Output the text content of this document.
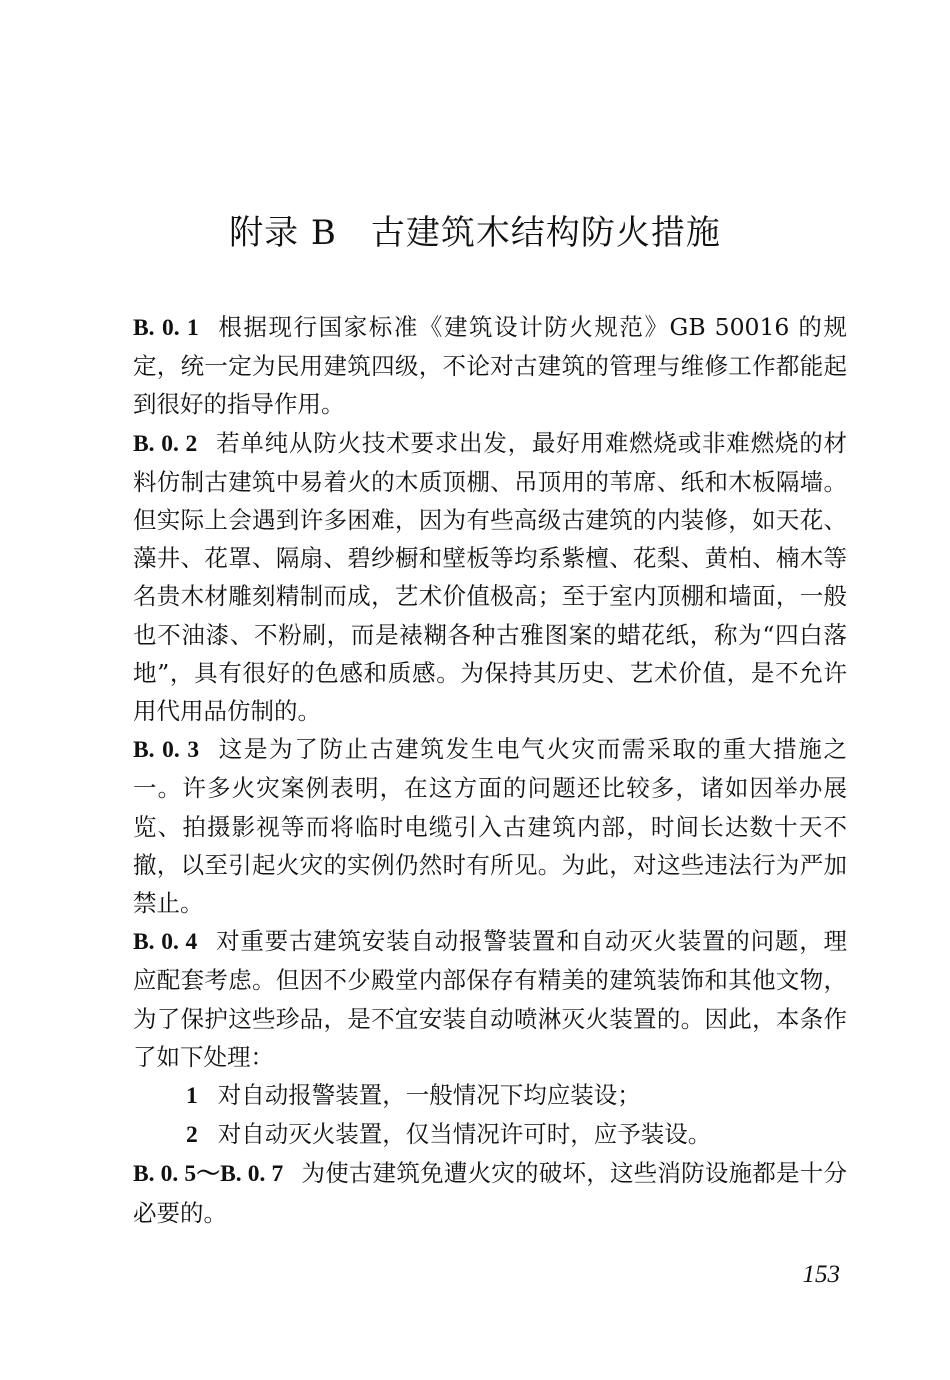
附录 B 古建筑木结构防火措施

B. 0. 1 根据现行国家标准《建筑设计防火规范》GB 50016 的规定，统一定为民用建筑四级，不论对古建筑的管理与维修工作都能起到很好的指导作用。

B. 0. 2 若单纯从防火技术要求出发，最好用难燃烧或非难燃烧的材料仿制古建筑中易着火的木质顶棚、吊顶用的苇席、纸和木板隔墙。但实际上会遇到许多困难，因为有些高级古建筑的内装修，如天花、藻井、花罩、隔扇、碧纱橱和壁板等均系紫檀、花梨、黄柏、楠木等名贵木材雕刻精制而成，艺术价值极高；至于室内顶棚和墙面，一般也不油漆、不粉刷，而是裱糊各种古雅图案的蜡花纸，称为“四白落地”，具有很好的色感和质感。为保持其历史、艺术价值，是不允许用代用品仿制的。

B. 0. 3 这是为了防止古建筑发生电气火灾而需采取的重大措施之一。许多火灾案例表明，在这方面的问题还比较多，诸如因举办展览、拍摄影视等而将临时电缆引入古建筑内部，时间长达数十天不撤，以至引起火灾的实例仍然时有所见。为此，对这些违法行为严加禁止。

B. 0. 4 对重要古建筑安装自动报警装置和自动灭火装置的问题，理应配套考虑。但因不少殿堂内部保存有精美的建筑装饰和其他文物，为了保护这些珍品，是不宜安装自动喷淋灭火装置的。因此，本条作了如下处理：

1 对自动报警装置，一般情况下均应装设；

2 对自动灭火装置，仅当情况许可时，应予装设。

B. 0. 5～B. 0. 7 为使古建筑免遭火灾的破坏，这些消防设施都是十分必要的。

153
